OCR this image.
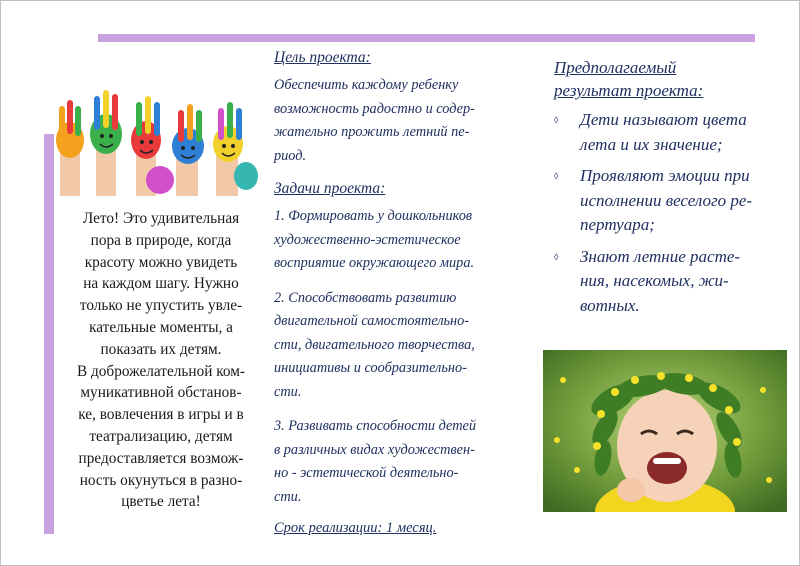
Лето! Это удивительная
пора в природе, когда
красоту можно увидеть
на каждом шагу. Нужно
только не упустить увле-
кательные моменты, а
показать их детям.
В доброжелательной ком-
муникативной обстанов-
ке, вовлечения в игры и в
театрализацию, детям
предоставляется возмож-
ность окунуться в разно-
цветье лета!
Цель проекта:

Обеспечить каждому ребенку
возможность радостно и содер-
жательно прожить летний пе-
риод.

Задачи проекта:

1. Формировать у дошкольников
художественно-эстетическое
восприятие окружающего мира.

2. Способствовать развитию
двигательной самостоятельно-
сти, двигательного творчества,
инициативы и сообразительно-
сти.

3. Развивать способности детей
в различных видах художествен-
но - эстетической деятельно-
сти.

Срок реализации: 1 месяц.
Предполагаемый
результат проекта:
◊ Дети называют цвета
лета и их значение;
◊ Проявляют эмоции при
исполнении веселого ре-
пертуара;
◊ Знают летние расте-
ния, насекомых, жи-
вотных.
